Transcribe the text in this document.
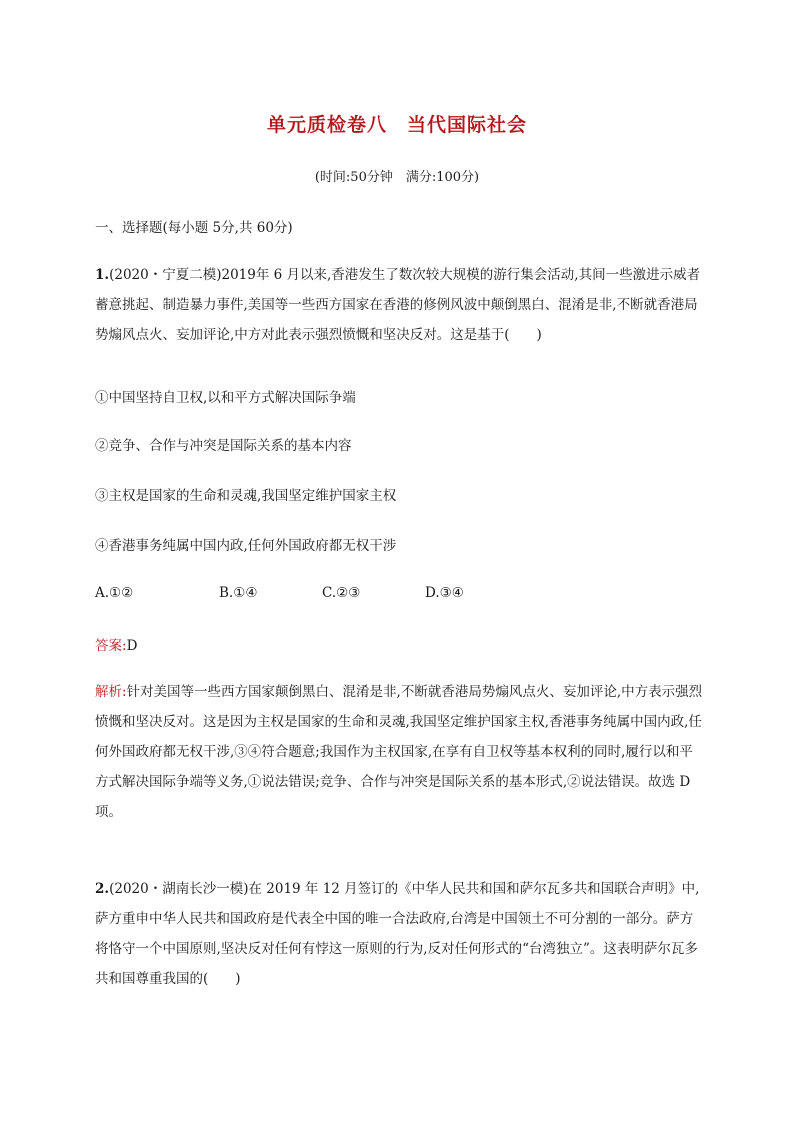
单元质检卷八　当代国际社会
(时间:50分钟　满分:100分)
一、选择题(每小题 5分,共 60分)
1.(2020・宁夏二模)2019年 6 月以来,香港发生了数次较大规模的游行集会活动,其间一些激进示威者蓄意挑起、制造暴力事件,美国等一些西方国家在香港的修例风波中颠倒黑白、混淆是非,不断就香港局势煽风点火、妄加评论,中方对此表示强烈愤慨和坚决反对。这是基于(　　)
①中国坚持自卫权,以和平方式解决国际争端
②竞争、合作与冲突是国际关系的基本内容
③主权是国家的生命和灵魂,我国坚定维护国家主权
④香港事务纯属中国内政,任何外国政府都无权干涉
A.①②	B.①④	C.②③	D.③④
答案:D
解析:针对美国等一些西方国家颠倒黑白、混淆是非,不断就香港局势煽风点火、妄加评论,中方表示强烈愤慨和坚决反对。这是因为主权是国家的生命和灵魂,我国坚定维护国家主权,香港事务纯属中国内政,任何外国政府都无权干涉,③④符合题意;我国作为主权国家,在享有自卫权等基本权利的同时,履行以和平方式解决国际争端等义务,①说法错误;竞争、合作与冲突是国际关系的基本形式,②说法错误。故选 D 项。
2.(2020・湖南长沙一模)在 2019 年 12 月签订的《中华人民共和国和萨尔瓦多共和国联合声明》中,萨方重申中华人民共和国政府是代表全中国的唯一合法政府,台湾是中国领土不可分割的一部分。萨方将恪守一个中国原则,坚决反对任何有悖这一原则的行为,反对任何形式的“台湾独立”。这表明萨尔瓦多共和国尊重我国的(　　)
